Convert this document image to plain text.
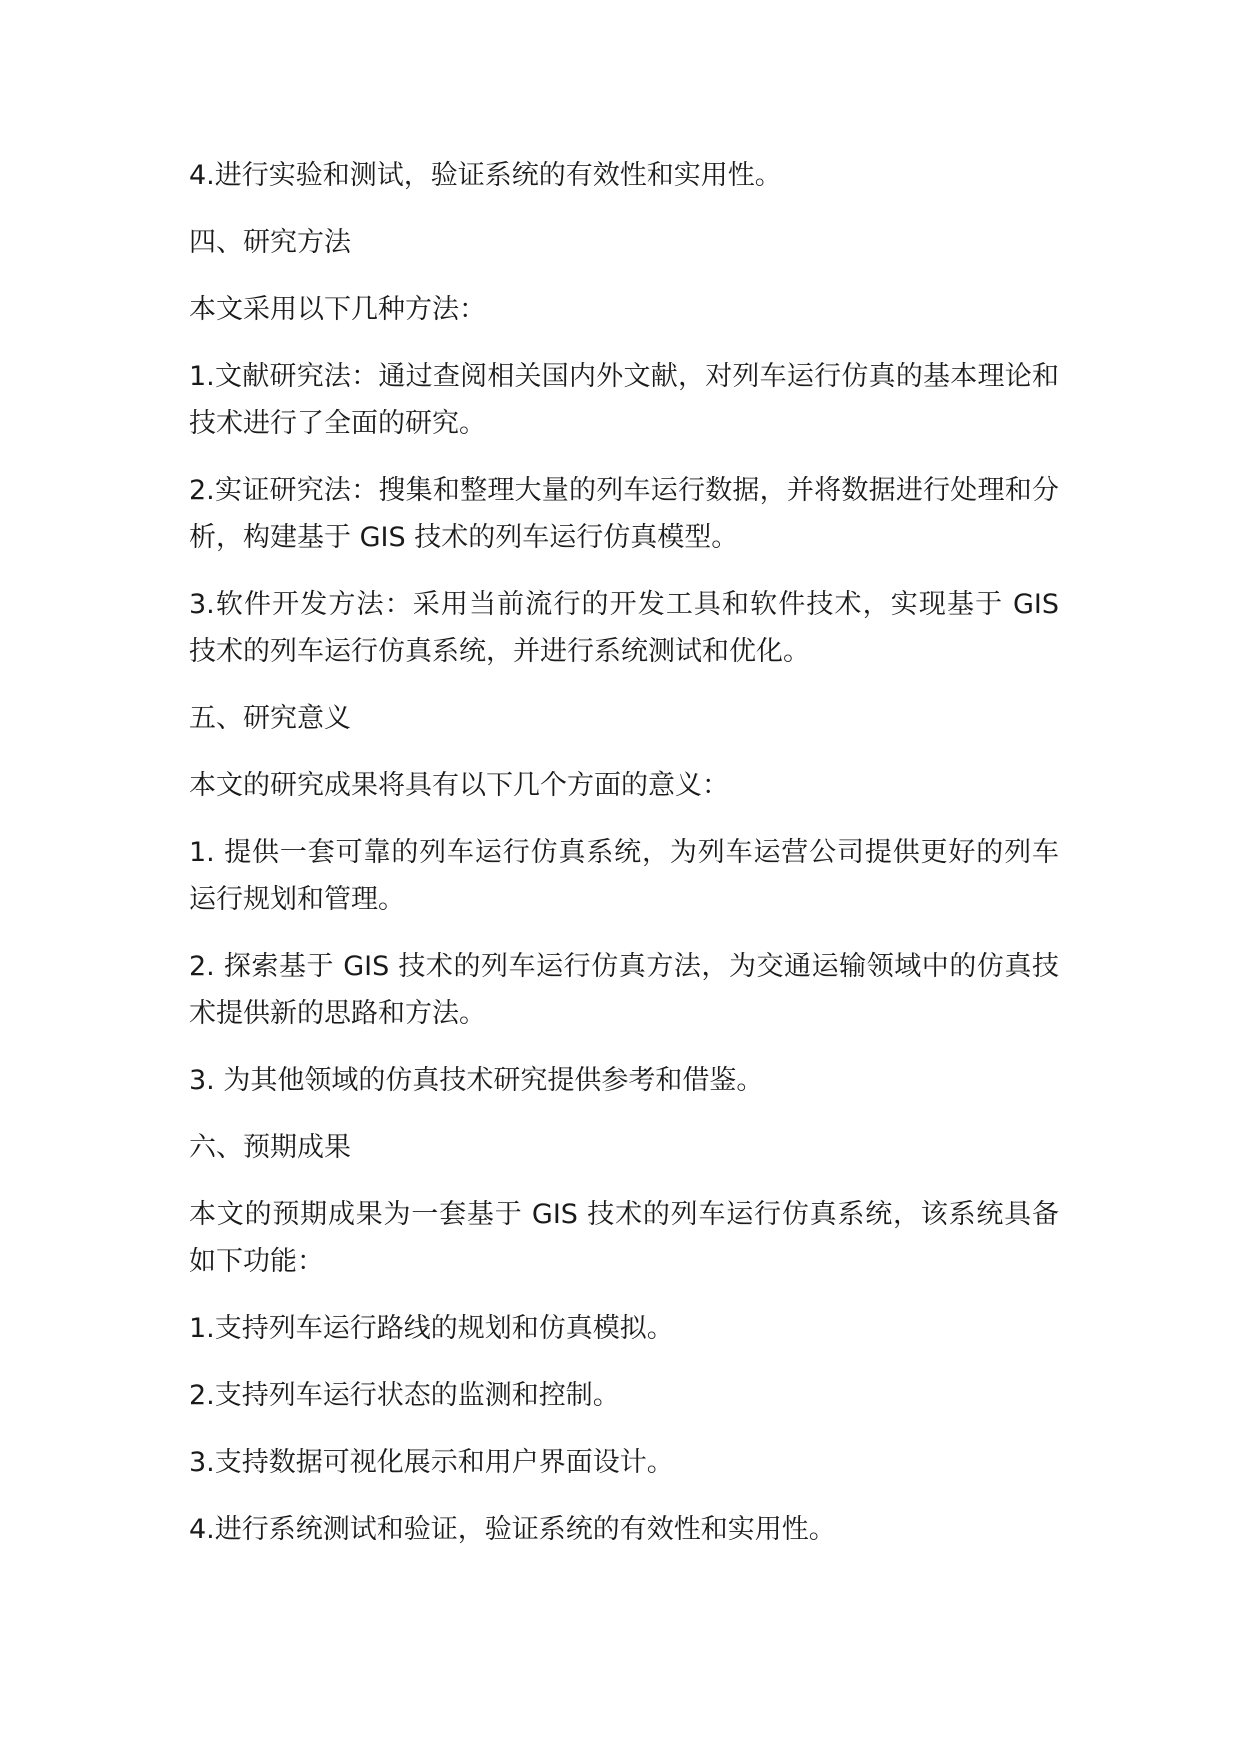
4.进行实验和测试，验证系统的有效性和实用性。

四、研究方法

本文采用以下几种方法：

1.文献研究法：通过查阅相关国内外文献，对列车运行仿真的基本理论和技术进行了全面的研究。

2.实证研究法：搜集和整理大量的列车运行数据，并将数据进行处理和分析，构建基于 GIS 技术的列车运行仿真模型。

3.软件开发方法：采用当前流行的开发工具和软件技术，实现基于 GIS 技术的列车运行仿真系统，并进行系统测试和优化。

五、研究意义

本文的研究成果将具有以下几个方面的意义：

1. 提供一套可靠的列车运行仿真系统，为列车运营公司提供更好的列车运行规划和管理。

2. 探索基于 GIS 技术的列车运行仿真方法，为交通运输领域中的仿真技术提供新的思路和方法。

3. 为其他领域的仿真技术研究提供参考和借鉴。

六、预期成果

本文的预期成果为一套基于 GIS 技术的列车运行仿真系统，该系统具备如下功能：

1.支持列车运行路线的规划和仿真模拟。

2.支持列车运行状态的监测和控制。

3.支持数据可视化展示和用户界面设计。

4.进行系统测试和验证，验证系统的有效性和实用性。
